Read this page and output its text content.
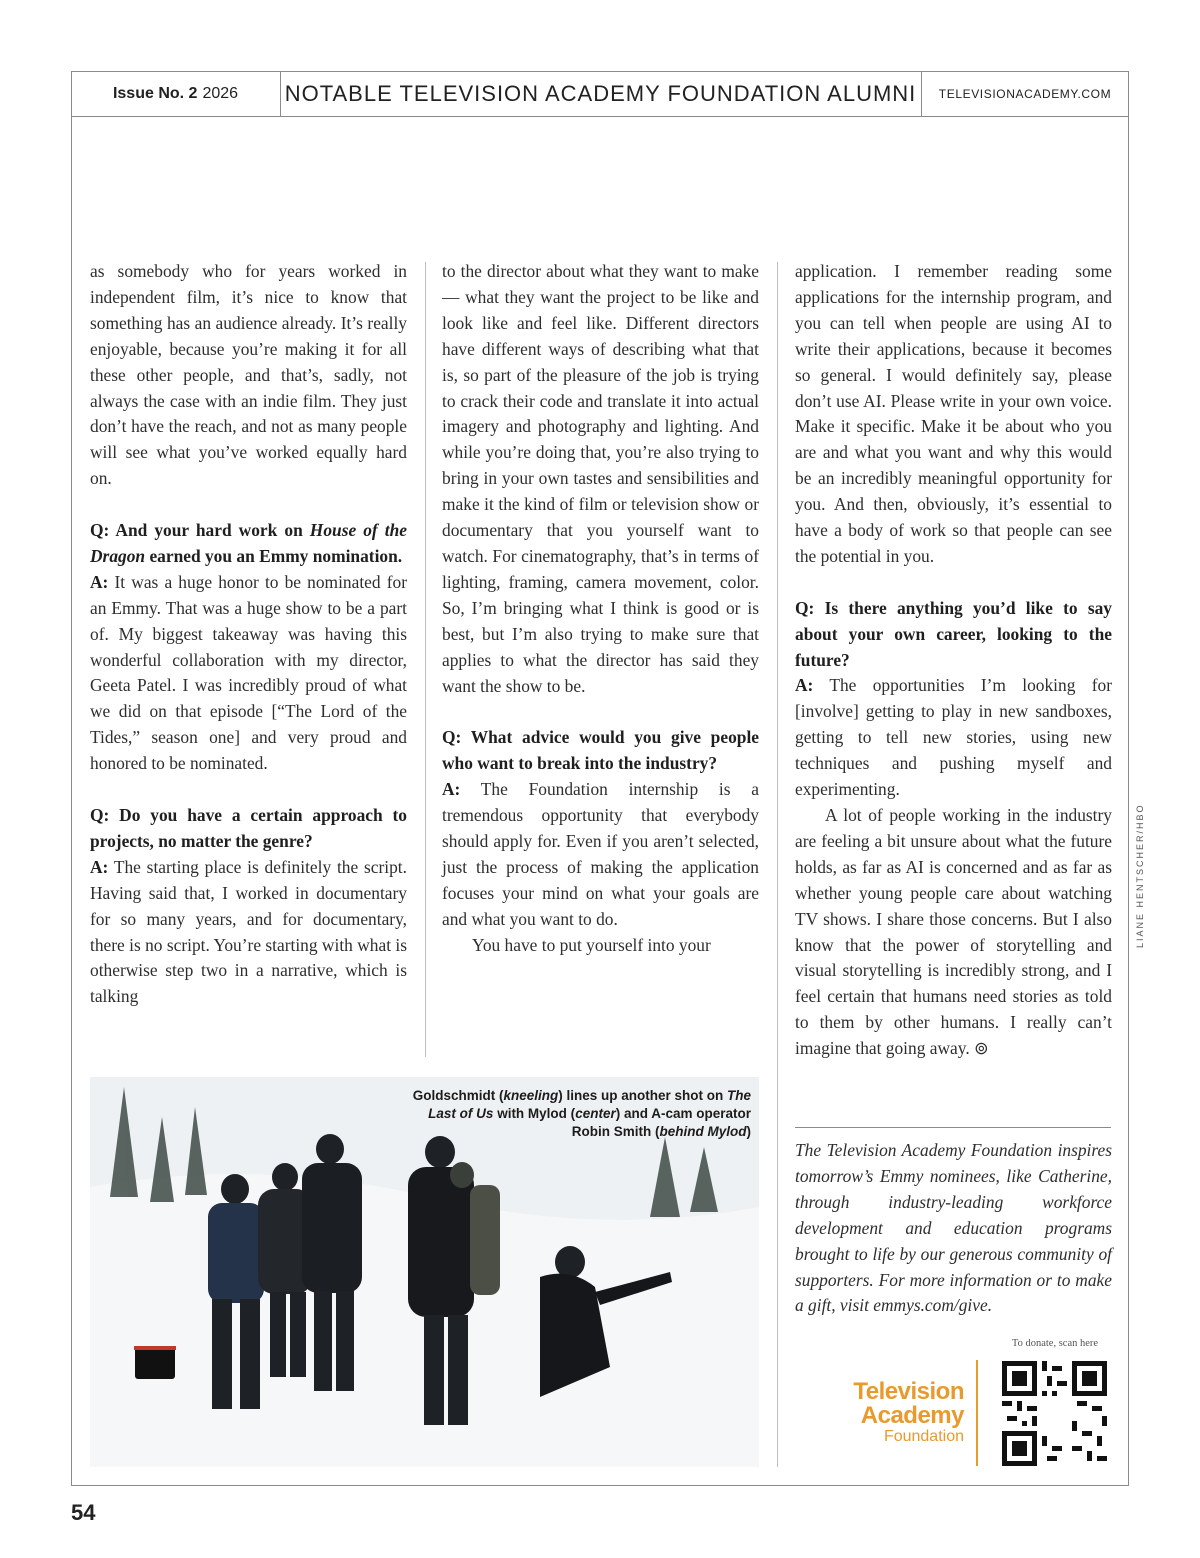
Issue No. 2 2026 NOTABLE TELEVISION ACADEMY FOUNDATION ALUMNI	TELEVISIONACADEMY.COM

as somebody who for years worked in independent film, it’s nice to know that something has an audience already. It’s really enjoyable, because you’re making it for all these other people, and that’s, sadly, not always the case with an indie film. They just don’t have the reach, and not as many people will see what you’ve worked equally hard on.

Q: And your hard work on House of the Dragon earned you an Emmy nomination.

A: It was a huge honor to be nominated for an Emmy. That was a huge show to be a part of. My biggest takeaway was having this wonderful collaboration with my director, Geeta Patel. I was incredibly proud of what we did on that episode [“The Lord of the Tides,” season one] and very proud and honored to be nominated.

Q: Do you have a certain approach to projects, no matter the genre?

A: The starting place is definitely the script. Having said that, I worked in documentary for so many years, and for documentary, there is no script. You’re starting with what is otherwise step two in a narrative, which is talking

to the director about what they want to make — what they want the project to be like and look like and feel like. Different directors have different ways of describing what that is, so part of the pleasure of the job is trying to crack their code and translate it into actual imagery and photography and lighting. And while you’re doing that, you’re also trying to bring in your own tastes and sensibilities and make it the kind of film or television show or documentary that you yourself want to watch. For cinematography, that’s in terms of lighting, framing, camera movement, color. So, I’m bringing what I think is good or is best, but I’m also trying to make sure that applies to what the director has said they want the show to be.

Q: What advice would you give people who want to break into the industry?

A: The Foundation internship is a tremendous opportunity that everybody should apply for. Even if you aren’t selected, just the process of making the application focuses your mind on what your goals are and what you want to do.

You have to put yourself into your

application. I remember reading some applications for the internship program, and you can tell when people are using AI to write their applications, because it becomes so general. I would definitely say, please don’t use AI. Please write in your own voice. Make it specific. Make it be about who you are and what you want and why this would be an incredibly meaningful opportunity for you. And then, obviously, it’s essential to have a body of work so that people can see the potential in you.

Q: Is there anything you’d like to say about your own career, looking to the future?

A: The opportunities I’m looking for [involve] getting to play in new sandboxes, getting to tell new stories, using new techniques and pushing myself and experimenting.

A lot of people working in the industry are feeling a bit unsure about what the future holds, as far as AI is concerned and as far as whether young people care about watching TV shows. I share those concerns. But I also know that the power of storytelling and visual storytelling is incredibly strong, and I feel certain that humans need stories as told to them by other humans. I really can’t imagine that going away. ⊚

Goldschmidt (kneeling) lines up another shot on The Last of Us with Mylod (center) and A-cam operator Robin Smith (behind Mylod)
The Television Academy Foundation inspires tomorrow’s Emmy nominees, like Catherine, through industry-leading workforce development and education programs brought to life by our generous community of supporters. For more information or to make a gift, visit emmys.com/give.
To donate, scan here
Television
Academy
Foundation
LIANE HENTSCHER/HBO
54
